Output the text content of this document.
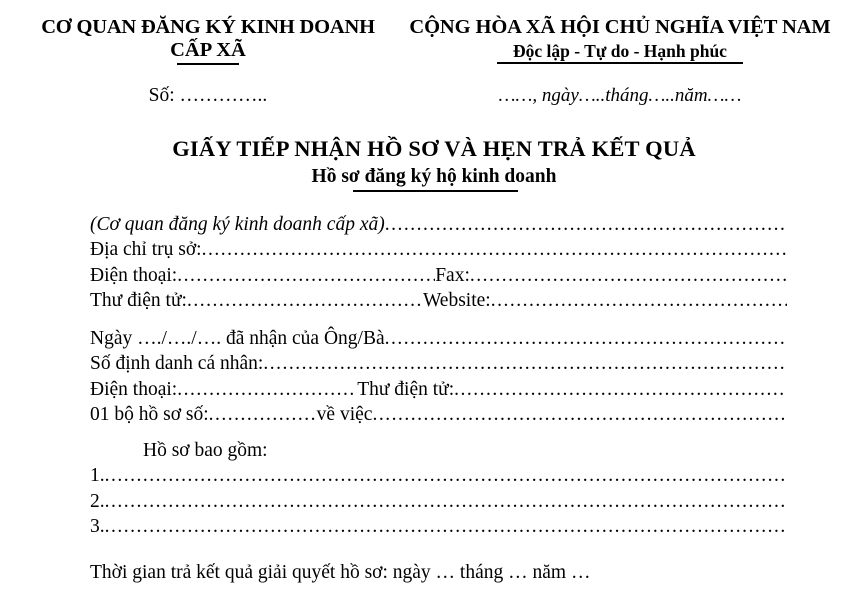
CƠ QUAN ĐĂNG KÝ KINH DOANH
CẤP XÃ
CỘNG HÒA XÃ HỘI CHỦ NGHĨA VIỆT NAM
Độc lập - Tự do - Hạnh phúc
Số: …………..	……, ngày…..tháng…..năm……
GIẤY TIẾP NHẬN HỒ SƠ VÀ HẸN TRẢ KẾT QUẢ
Hồ sơ đăng ký hộ kinh doanh
(Cơ quan đăng ký kinh doanh cấp xã)
.....
Địa chỉ trụ sở:
.....
Điện thoại: .....	Fax:
.....
Thư điện tử: .....	Website:
.....
Ngày …./…./…. đã nhận của Ông/Bà
.....
Số định danh cá nhân:
.....
Điện thoại: .....	Thư điện tử:
.....
01 bộ hồ sơ số: .....	về việc
.....
Hồ sơ bao gồm:
1.
.....
2.
.....
3.
.....
Thời gian trả kết quả giải quyết hồ sơ: ngày … tháng … năm …
